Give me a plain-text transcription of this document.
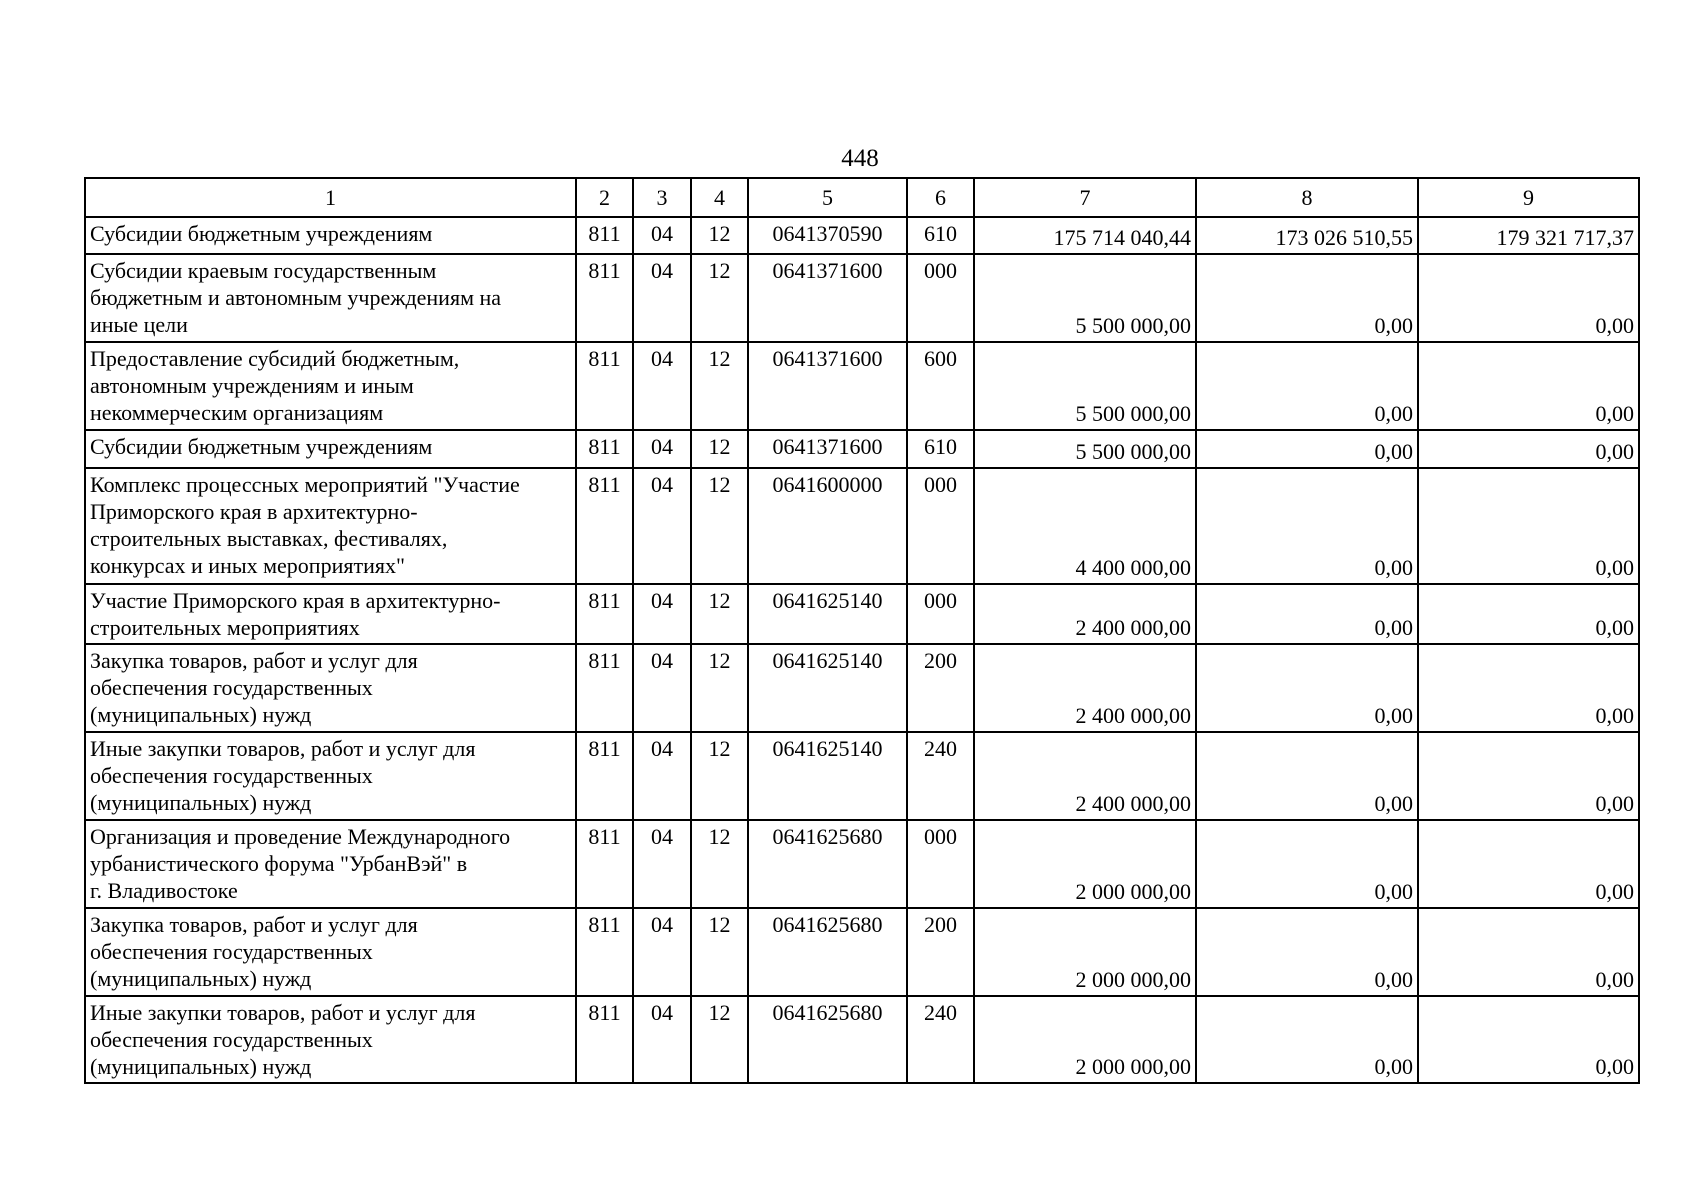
448
1	2	3	4	5	6	7	8	9
Субсидии бюджетным учреждениям	811	04	12	0641370590	610	175 714 040,44	173 026 510,55	179 321 717,37
Субсидии краевым государственным
бюджетным и автономным учреждениям на
иные цели	811	04	12	0641371600	000	5 500 000,00	0,00	0,00
Предоставление субсидий бюджетным,
автономным учреждениям и иным
некоммерческим организациям	811	04	12	0641371600	600	5 500 000,00	0,00	0,00
Субсидии бюджетным учреждениям	811	04	12	0641371600	610	5 500 000,00	0,00	0,00
Комплекс процессных мероприятий "Участие
Приморского края в архитектурно-
строительных выставках, фестивалях,
конкурсах и иных мероприятиях"	811	04	12	0641600000	000	4 400 000,00	0,00	0,00
Участие Приморского края в архитектурно-
строительных мероприятиях	811	04	12	0641625140	000	2 400 000,00	0,00	0,00
Закупка товаров, работ и услуг для
обеспечения государственных
(муниципальных) нужд	811	04	12	0641625140	200	2 400 000,00	0,00	0,00
Иные закупки товаров, работ и услуг для
обеспечения государственных
(муниципальных) нужд	811	04	12	0641625140	240	2 400 000,00	0,00	0,00
Организация и проведение Международного
урбанистического форума "УрбанВэй" в
г. Владивостоке	811	04	12	0641625680	000	2 000 000,00	0,00	0,00
Закупка товаров, работ и услуг для
обеспечения государственных
(муниципальных) нужд	811	04	12	0641625680	200	2 000 000,00	0,00	0,00
Иные закупки товаров, работ и услуг для
обеспечения государственных
(муниципальных) нужд	811	04	12	0641625680	240	2 000 000,00	0,00	0,00
